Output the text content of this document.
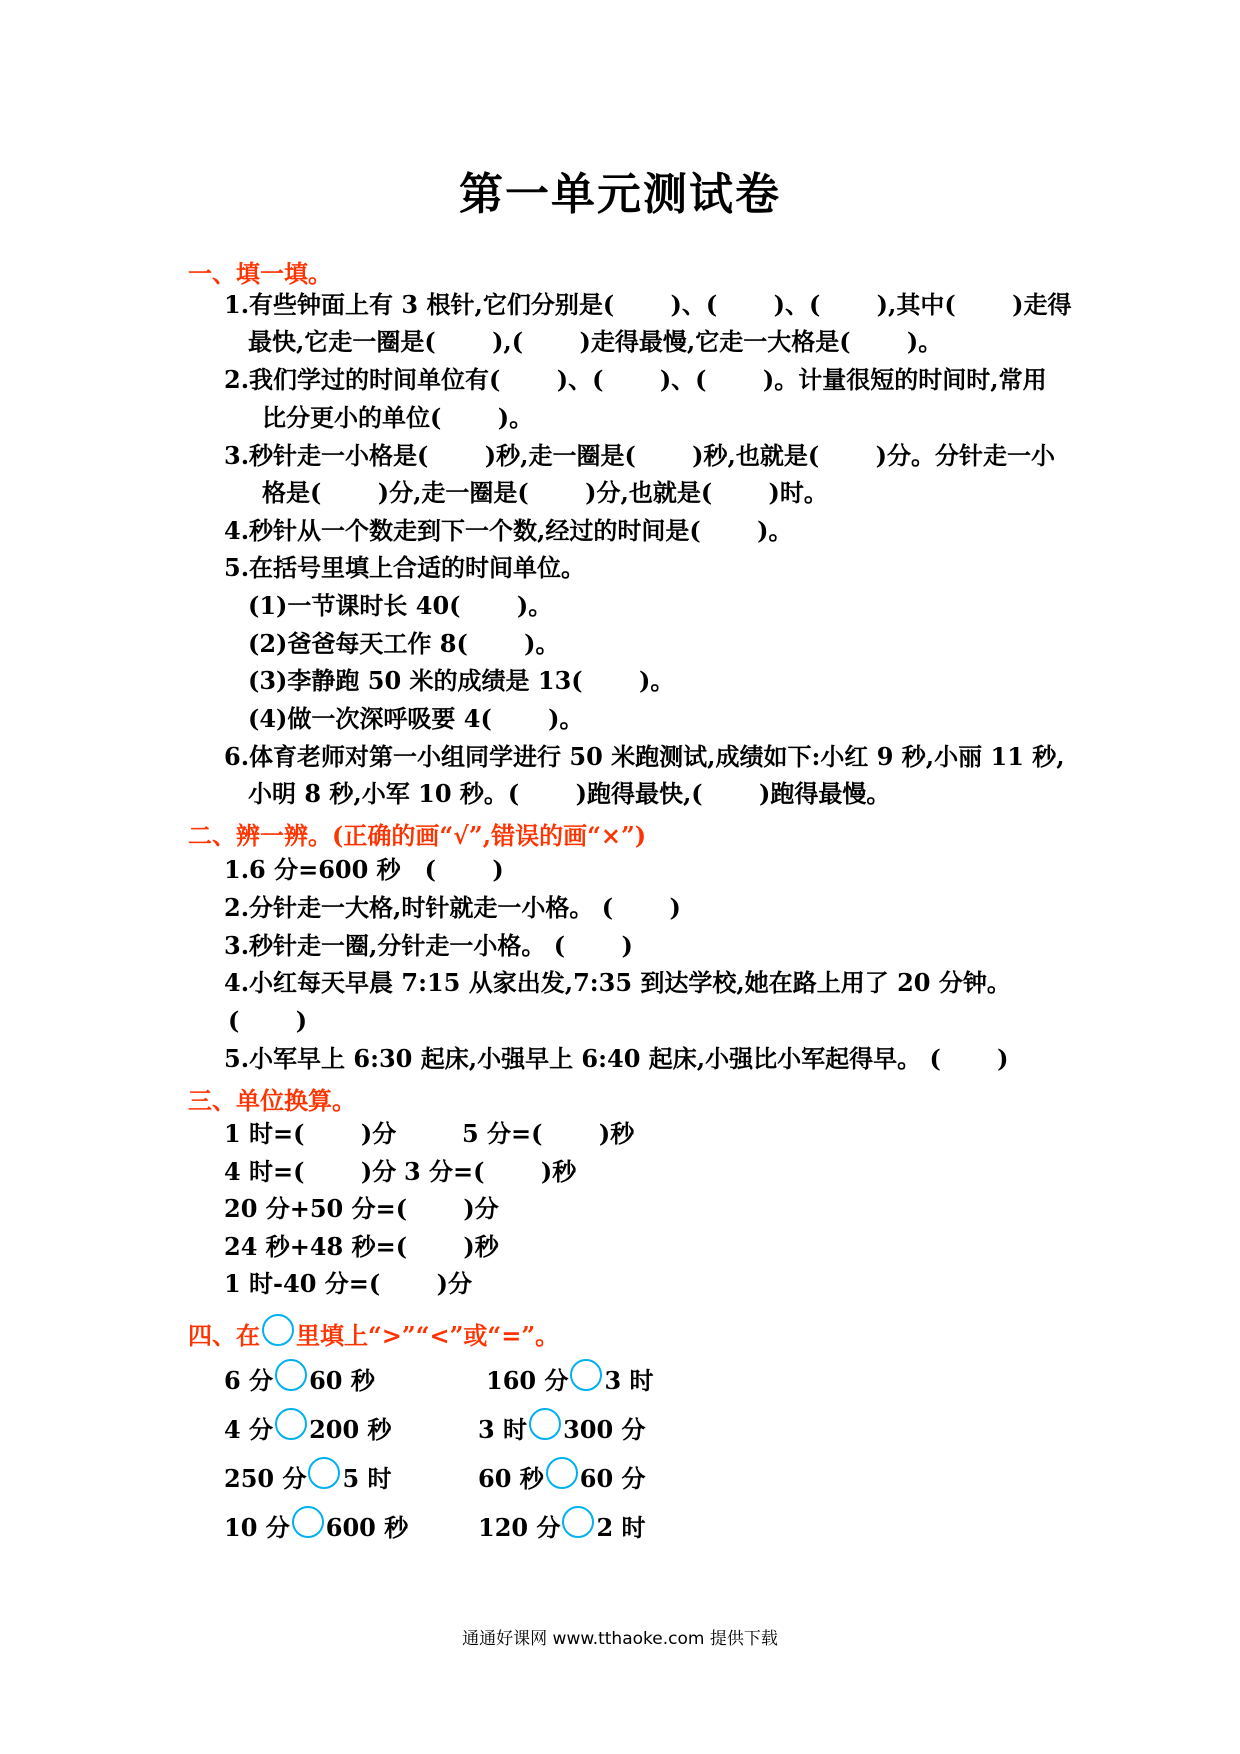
第一单元测试卷

一、填一填。

1.有些钟面上有 3 根针,它们分别是(　　 )、(　　 )、(　　 ),其中(　　 )走得

最快,它走一圈是(　　 ),(　　 )走得最慢,它走一大格是(　　 )。

2.我们学过的时间单位有(　　 )、(　　 )、(　　 )。计量很短的时间时,常用

比分更小的单位(　　 )。

3.秒针走一小格是(　　 )秒,走一圈是(　　 )秒,也就是(　　 )分。分针走一小

格是(　　 )分,走一圈是(　　 )分,也就是(　　 )时。

4.秒针从一个数走到下一个数,经过的时间是(　　 )。

5.在括号里填上合适的时间单位。

(1)一节课时长 40(　　 )。

(2)爸爸每天工作 8(　　 )。

(3)李静跑 50 米的成绩是 13(　　 )。

(4)做一次深呼吸要 4(　　 )。

6.体育老师对第一小组同学进行 50 米跑测试,成绩如下:小红 9 秒,小丽 11 秒,

小明 8 秒,小军 10 秒。(　　 )跑得最快,(　　 )跑得最慢。

二、辨一辨。(正确的画“√”,错误的画“×”)

1.6 分=600 秒　(　　 )

2.分针走一大格,时针就走一小格。 (　　 )

3.秒针走一圈,分针走一小格。 (　　 )

4.小红每天早晨 7:15 从家出发,7:35 到达学校,她在路上用了 20 分钟。

(　　 )

5.小军早上 6:30 起床,小强早上 6:40 起床,小强比小军起得早。 (　　 )

三、单位换算。

1 时=(　　 )分	5 分=(　　 )秒

4 时=(　　 )分 3 分=(　　 )秒

20 分+50 分=(　　 )分

24 秒+48 秒=(　　 )秒

1 时-40 分=(　　 )分

四、在 里填上“>”“<”或“=”。

6 分 60 秒	160 分 3 时

4 分 200 秒	3 时 300 分

250 分 5 时	60 秒 60 分

10 分 600 秒	120 分 2 时

通通好课网 www.tthaoke.com 提供下载
